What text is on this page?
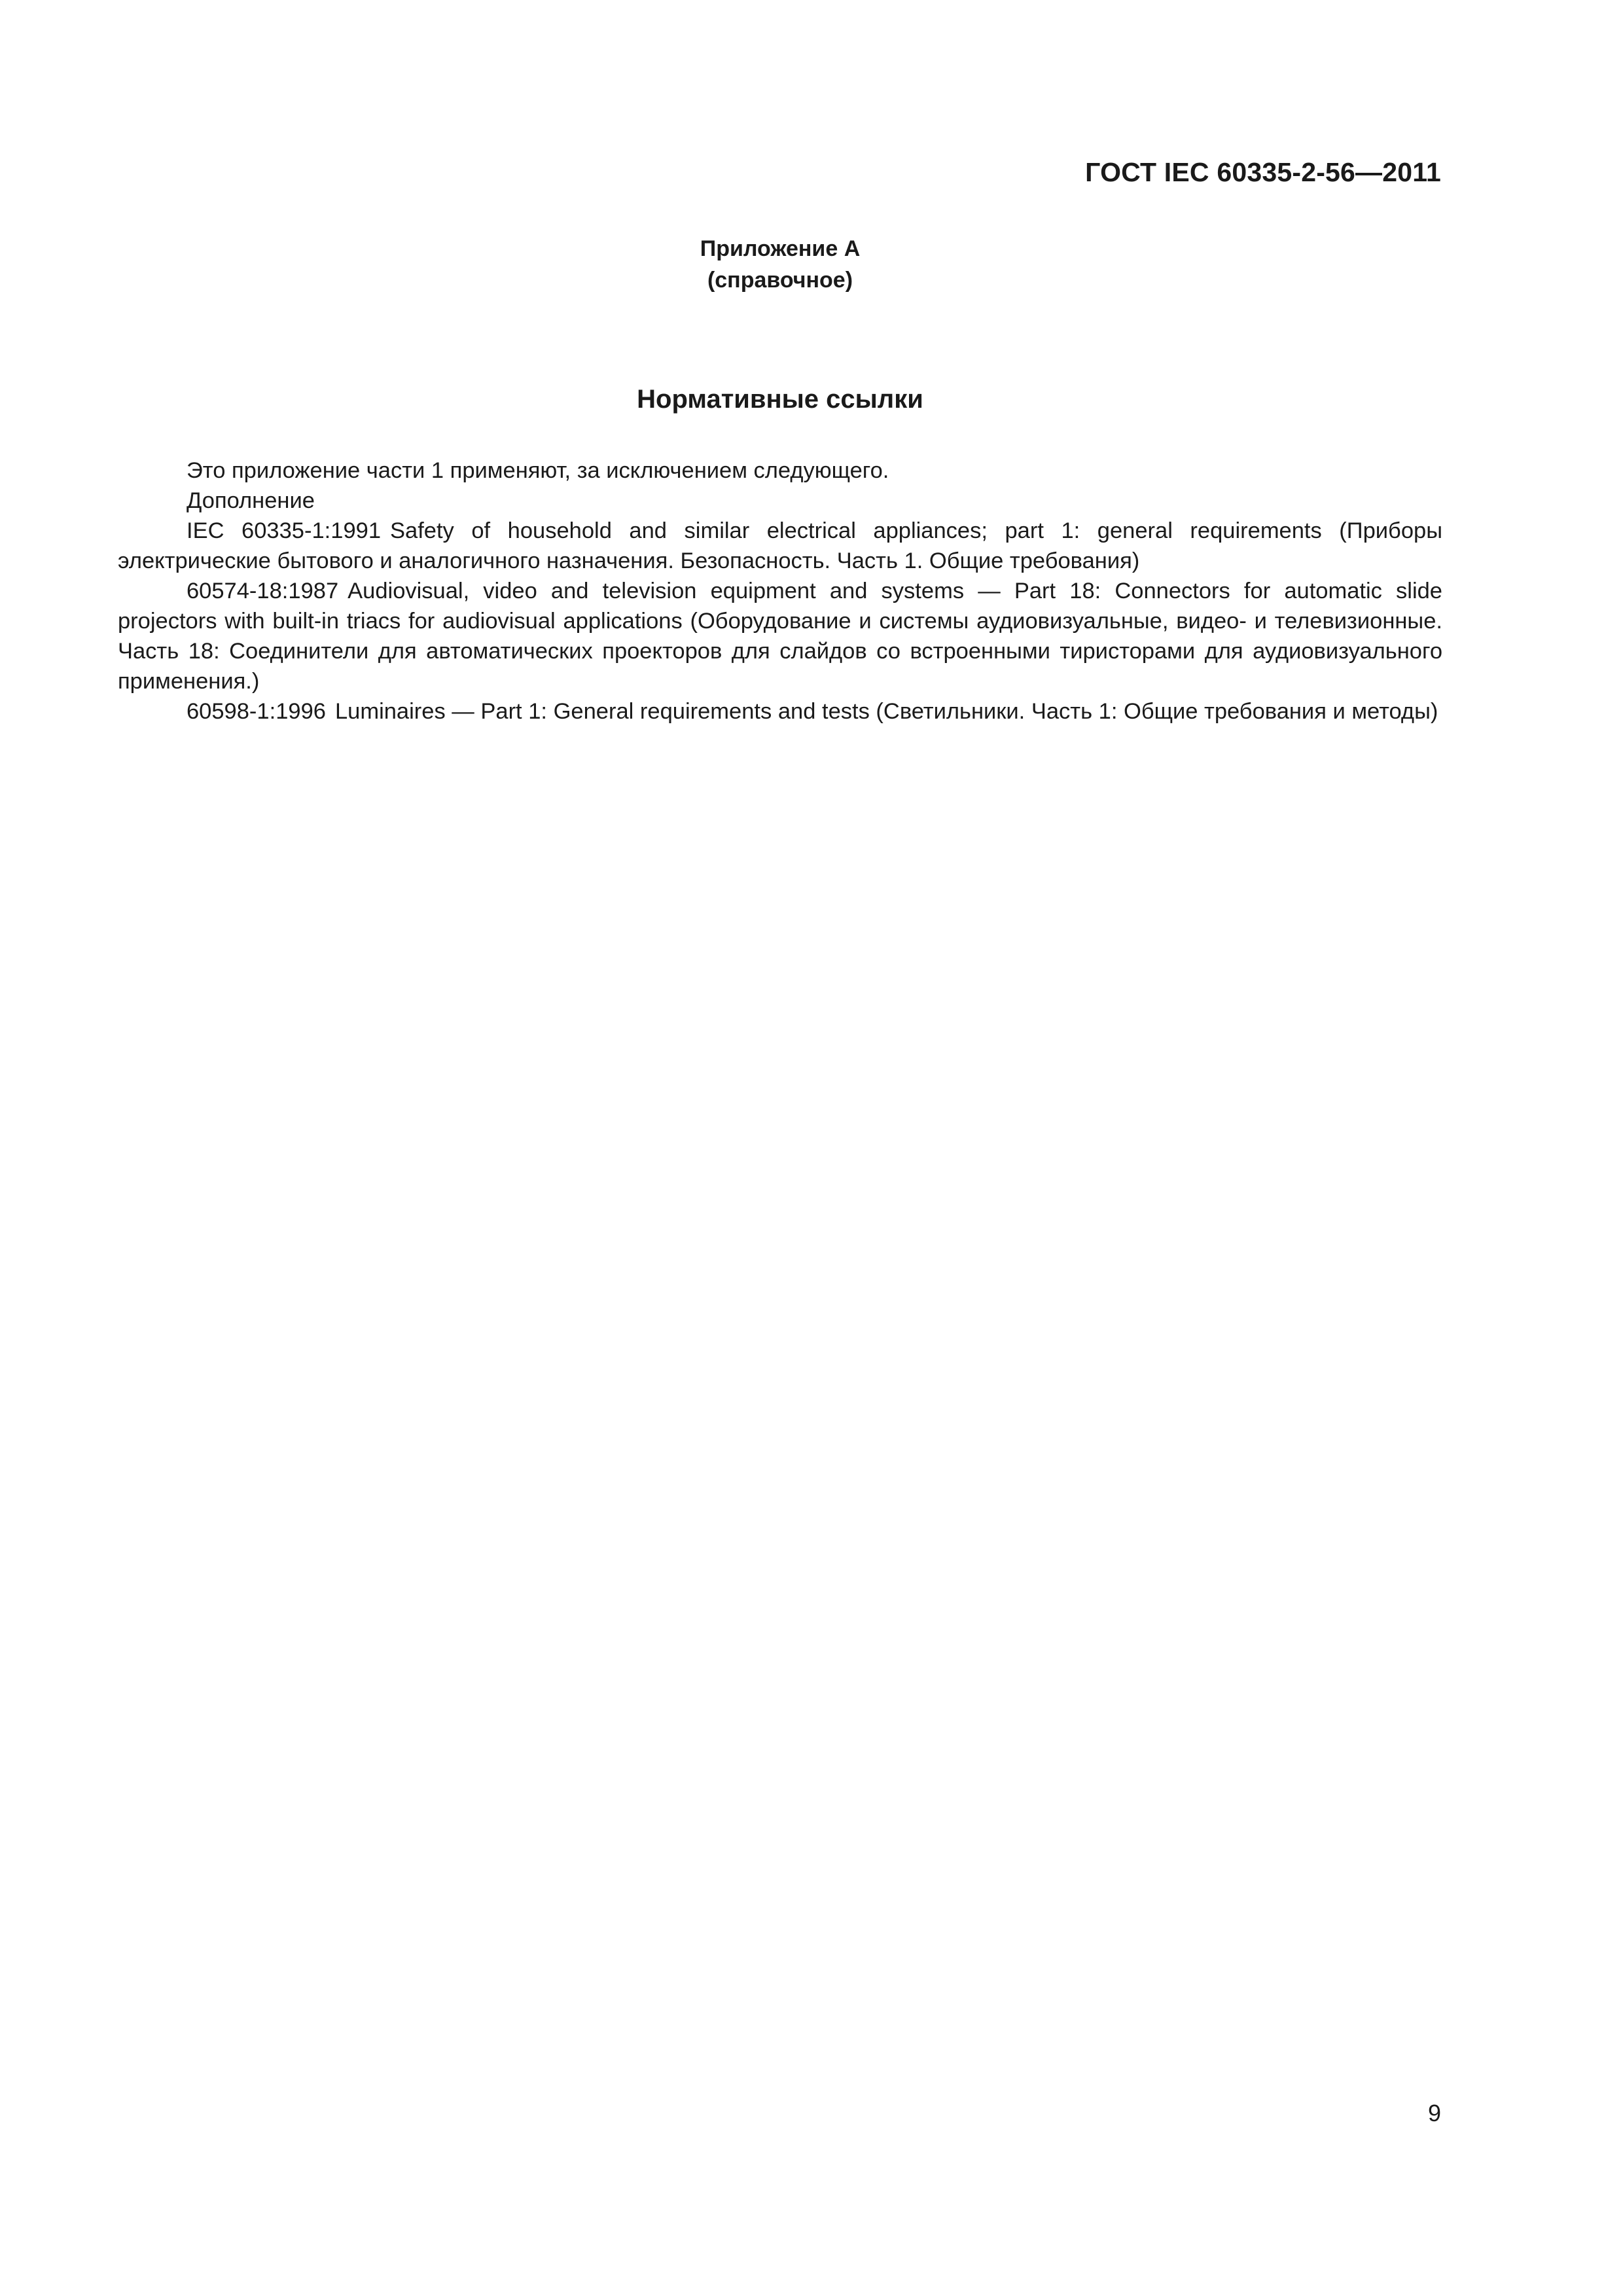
ГОСТ IEC 60335-2-56—2011
Приложение А
(справочное)
Нормативные ссылки

Это приложение части 1 применяют, за исключением следующего.

Дополнение

IEC 60335-1:1991 Safety of household and similar electrical appliances; part 1: general requirements (Приборы электрические бытового и аналогичного назначения. Безопасность. Часть 1. Общие требования)

60574-18:1987 Audiovisual, video and television equipment and systems — Part 18: Connectors for automatic slide projectors with built-in triacs for audiovisual applications (Оборудование и системы аудиовизуальные, видео- и телевизионные. Часть 18: Соединители для автоматических проекторов для слайдов со встроенными тиристорами для аудиовизуального применения.)

60598-1:1996 Luminaires — Part 1: General requirements and tests (Светильники. Часть 1: Общие требования и методы)

9
